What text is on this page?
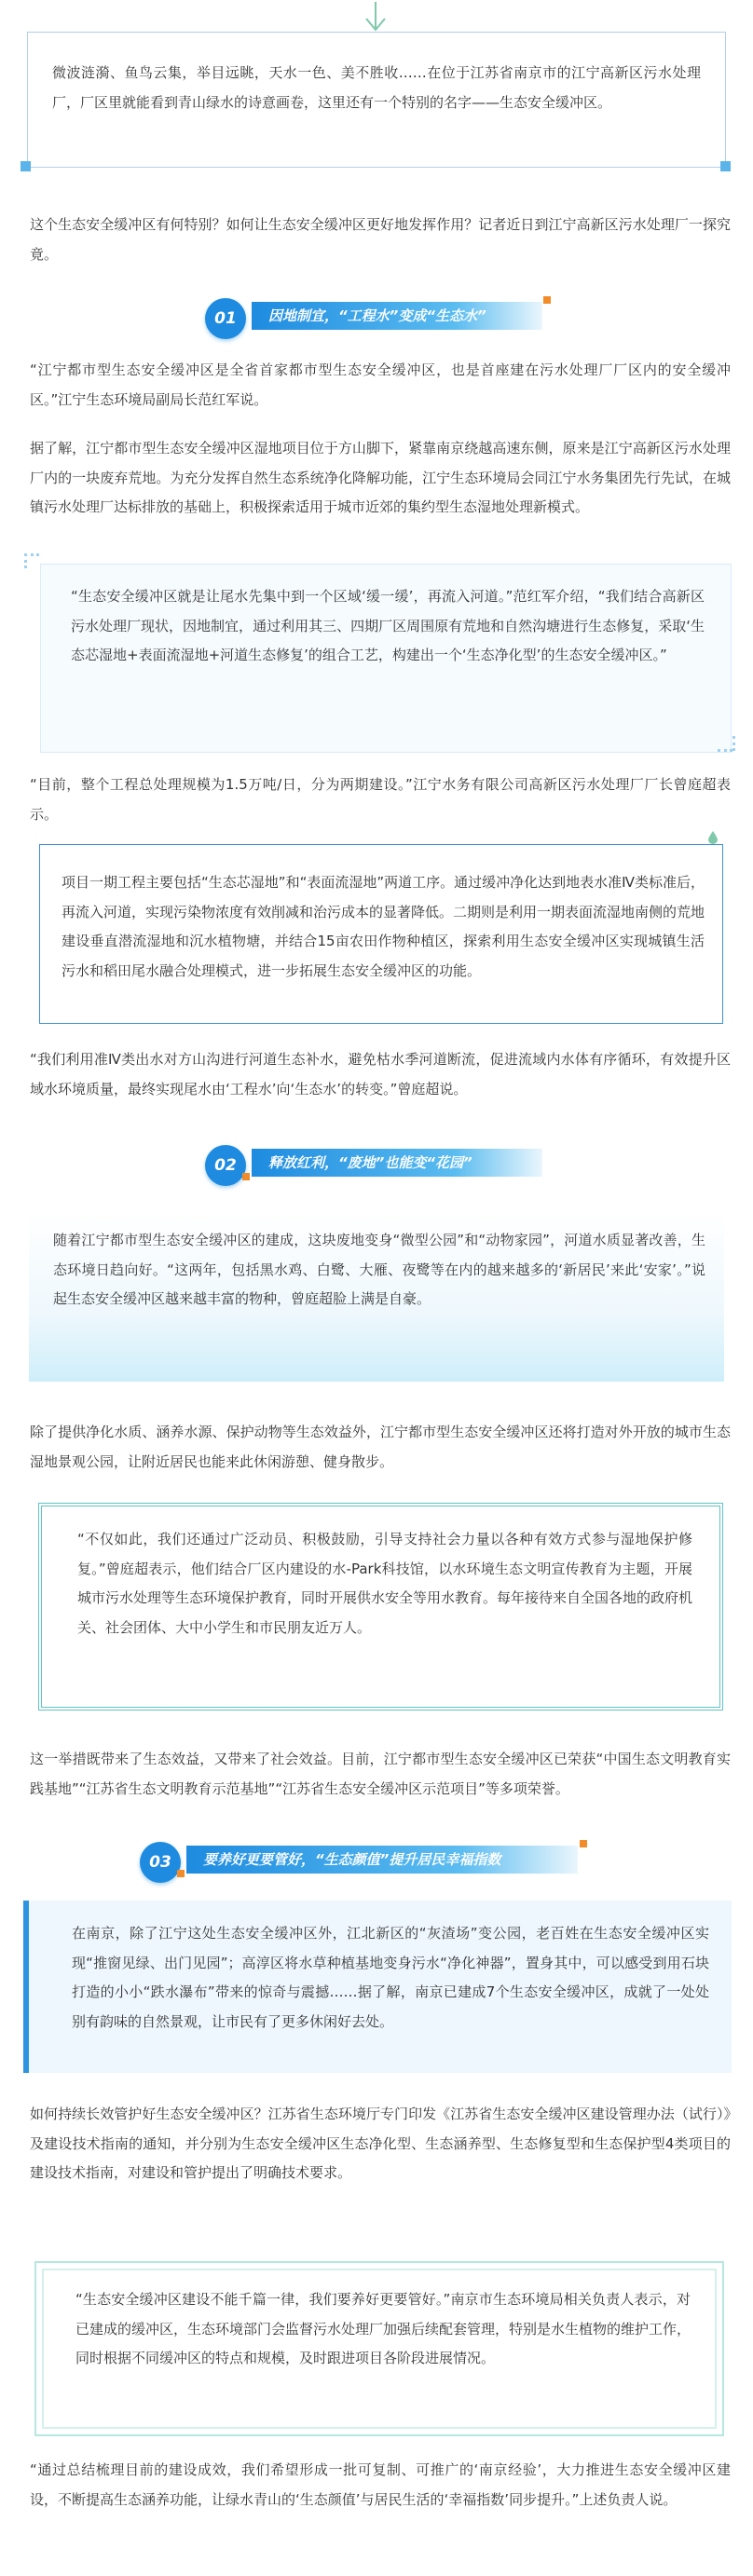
微波涟漪、鱼鸟云集，举目远眺，天水一色、美不胜收……在位于江苏省南京市的江宁高新区污水处理厂，厂区里就能看到青山绿水的诗意画卷，这里还有一个特别的名字——生态安全缓冲区。

这个生态安全缓冲区有何特别？如何让生态安全缓冲区更好地发挥作用？记者近日到江宁高新区污水处理厂一探究竟。

01	因地制宜，“工程水”变成“生态水”

“江宁都市型生态安全缓冲区是全省首家都市型生态安全缓冲区，也是首座建在污水处理厂厂区内的安全缓冲区。”江宁生态环境局副局长范红军说。

据了解，江宁都市型生态安全缓冲区湿地项目位于方山脚下，紧靠南京绕越高速东侧，原来是江宁高新区污水处理厂内的一块废弃荒地。为充分发挥自然生态系统净化降解功能，江宁生态环境局会同江宁水务集团先行先试，在城镇污水处理厂达标排放的基础上，积极探索适用于城市近郊的集约型生态湿地处理新模式。

“生态安全缓冲区就是让尾水先集中到一个区域‘缓一缓’，再流入河道。”范红军介绍，“我们结合高新区污水处理厂现状，因地制宜，通过利用其三、四期厂区周围原有荒地和自然沟塘进行生态修复，采取‘生态芯湿地+表面流湿地+河道生态修复’的组合工艺，构建出一个‘生态净化型’的生态安全缓冲区。”

“目前，整个工程总处理规模为1.5万吨/日，分为两期建设。”江宁水务有限公司高新区污水处理厂厂长曾庭超表示。

项目一期工程主要包括“生态芯湿地”和“表面流湿地”两道工序。通过缓冲净化达到地表水准Ⅳ类标准后，再流入河道，实现污染物浓度有效削减和治污成本的显著降低。二期则是利用一期表面流湿地南侧的荒地建设垂直潜流湿地和沉水植物塘，并结合15亩农田作物种植区，探索利用生态安全缓冲区实现城镇生活污水和稻田尾水融合处理模式，进一步拓展生态安全缓冲区的功能。

“我们利用准Ⅳ类出水对方山沟进行河道生态补水，避免枯水季河道断流，促进流域内水体有序循环，有效提升区域水环境质量，最终实现尾水由‘工程水’向‘生态水’的转变。”曾庭超说。

02	释放红利，“废地”也能变“花园”

随着江宁都市型生态安全缓冲区的建成，这块废地变身“微型公园”和“动物家园”，河道水质显著改善，生态环境日趋向好。“这两年，包括黑水鸡、白鹭、大雁、夜鹭等在内的越来越多的‘新居民’来此‘安家’。”说起生态安全缓冲区越来越丰富的物种，曾庭超脸上满是自豪。

除了提供净化水质、涵养水源、保护动物等生态效益外，江宁都市型生态安全缓冲区还将打造对外开放的城市生态湿地景观公园，让附近居民也能来此休闲游憩、健身散步。

“不仅如此，我们还通过广泛动员、积极鼓励，引导支持社会力量以各种有效方式参与湿地保护修复。”曾庭超表示，他们结合厂区内建设的水-Park科技馆，以水环境生态文明宣传教育为主题，开展城市污水处理等生态环境保护教育，同时开展供水安全等用水教育。每年接待来自全国各地的政府机关、社会团体、大中小学生和市民朋友近万人。

这一举措既带来了生态效益，又带来了社会效益。目前，江宁都市型生态安全缓冲区已荣获“中国生态文明教育实践基地”“江苏省生态文明教育示范基地”“江苏省生态安全缓冲区示范项目”等多项荣誉。

03	要养好更要管好，“生态颜值”提升居民幸福指数

在南京，除了江宁这处生态安全缓冲区外，江北新区的“灰渣场”变公园，老百姓在生态安全缓冲区实现“推窗见绿、出门见园”；高淳区将水草种植基地变身污水“净化神器”，置身其中，可以感受到用石块打造的小小“跌水瀑布”带来的惊奇与震撼……据了解，南京已建成7个生态安全缓冲区，成就了一处处别有韵味的自然景观，让市民有了更多休闲好去处。

如何持续长效管护好生态安全缓冲区？江苏省生态环境厅专门印发《江苏省生态安全缓冲区建设管理办法（试行）》及建设技术指南的通知，并分别为生态安全缓冲区生态净化型、生态涵养型、生态修复型和生态保护型4类项目的建设技术指南，对建设和管护提出了明确技术要求。

“生态安全缓冲区建设不能千篇一律，我们要养好更要管好。”南京市生态环境局相关负责人表示，对已建成的缓冲区，生态环境部门会监督污水处理厂加强后续配套管理，特别是水生植物的维护工作，同时根据不同缓冲区的特点和规模，及时跟进项目各阶段进展情况。

“通过总结梳理目前的建设成效，我们希望形成一批可复制、可推广的‘南京经验’，大力推进生态安全缓冲区建设，不断提高生态涵养功能，让绿水青山的‘生态颜值’与居民生活的‘幸福指数’同步提升。”上述负责人说。
